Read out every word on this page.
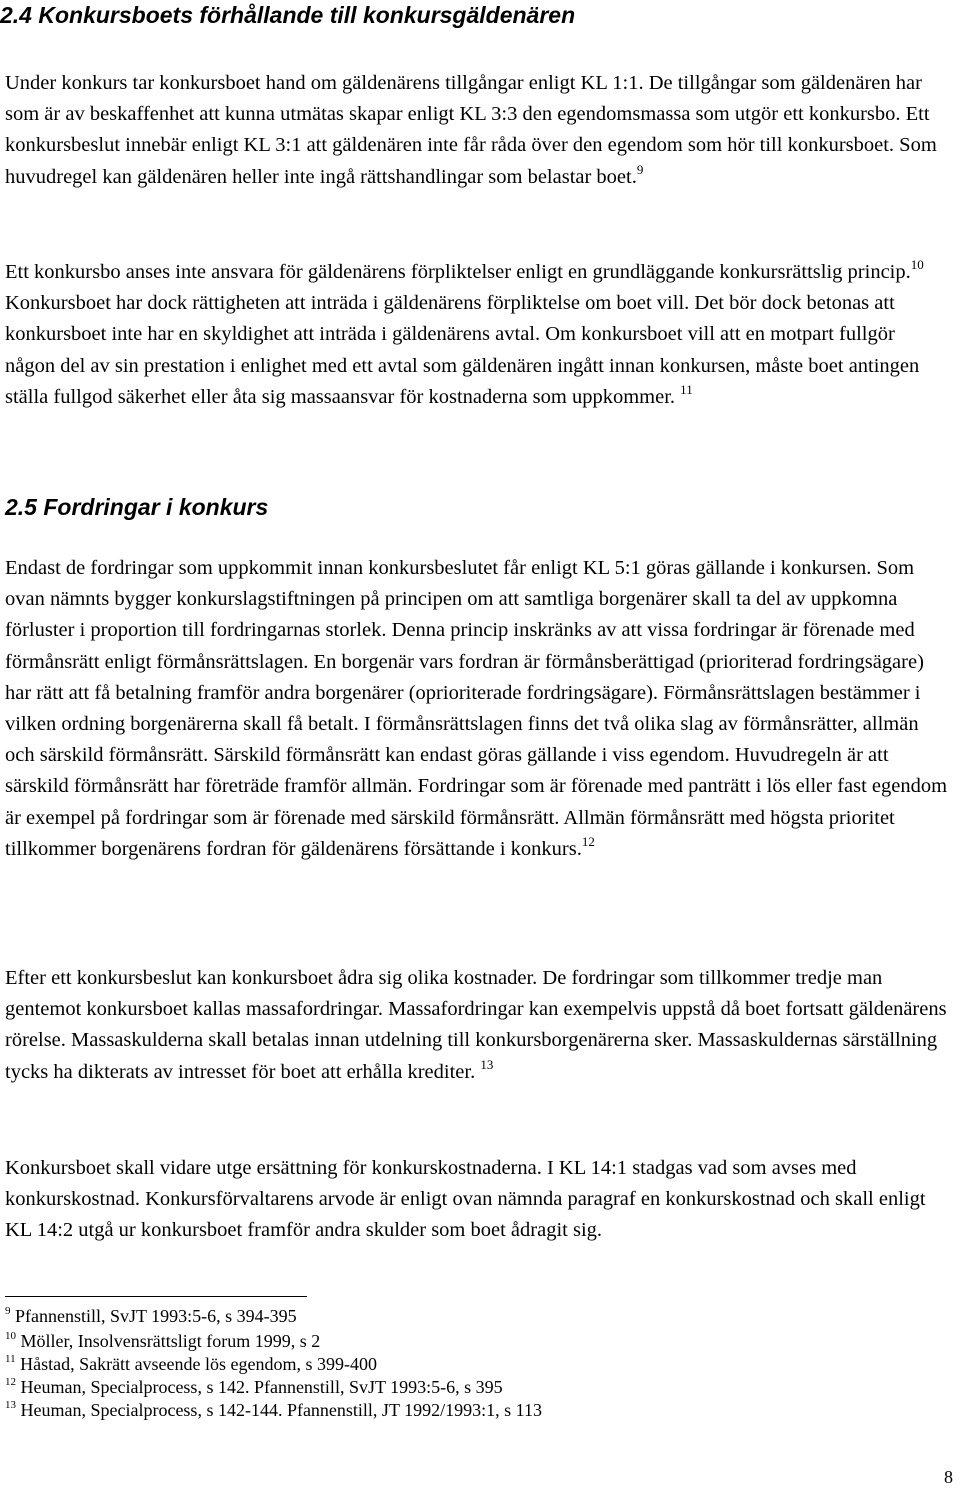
2.4 Konkursboets förhållande till konkursgäldenären

Under konkurs tar konkursboet hand om gäldenärens tillgångar enligt KL 1:1. De tillgångar som gäldenären har som är av beskaffenhet att kunna utmätas skapar enligt KL 3:3 den egendomsmassa som utgör ett konkursbo. Ett konkursbeslut innebär enligt KL 3:1 att gäldenären inte får råda över den egendom som hör till konkursboet. Som huvudregel kan gäldenären heller inte ingå rättshandlingar som belastar boet.$^9$

Ett konkursbo anses inte ansvara för gäldenärens förpliktelser enligt en grundläggande konkursrättslig princip.$^{10}$ Konkursboet har dock rättigheten att inträda i gäldenärens förpliktelse om boet vill. Det bör dock betonas att konkursboet inte har en skyldighet att inträda i gäldenärens avtal. Om konkursboet vill att en motpart fullgör någon del av sin prestation i enlighet med ett avtal som gäldenären ingått innan konkursen, måste boet antingen ställa fullgod säkerhet eller åta sig massaansvar för kostnaderna som uppkommer. $^{11}$

2.5 Fordringar i konkurs

Endast de fordringar som uppkommit innan konkursbeslutet får enligt KL 5:1 göras gällande i konkursen. Som ovan nämnts bygger konkurslagstiftningen på principen om att samtliga borgenärer skall ta del av uppkomna förluster i proportion till fordringarnas storlek. Denna princip inskränks av att vissa fordringar är förenade med förmånsrätt enligt förmånsrättslagen. En borgenär vars fordran är förmånsberättigad (prioriterad fordringsägare) har rätt att få betalning framför andra borgenärer (oprioriterade fordringsägare). Förmånsrättslagen bestämmer i vilken ordning borgenärerna skall få betalt. I förmånsrättslagen finns det två olika slag av förmånsrätter, allmän och särskild förmånsrätt. Särskild förmånsrätt kan endast göras gällande i viss egendom. Huvudregeln är att särskild förmånsrätt har företräde framför allmän. Fordringar som är förenade med panträtt i lös eller fast egendom är exempel på fordringar som är förenade med särskild förmånsrätt. Allmän förmånsrätt med högsta prioritet tillkommer borgenärens fordran för gäldenärens försättande i konkurs.$^{12}$

Efter ett konkursbeslut kan konkursboet ådra sig olika kostnader. De fordringar som tillkommer tredje man gentemot konkursboet kallas massafordringar. Massafordringar kan exempelvis uppstå då boet fortsatt gäldenärens rörelse. Massaskulderna skall betalas innan utdelning till konkursborgenärerna sker. Massaskuldernas särställning tycks ha dikterats av intresset för boet att erhålla krediter. $^{13}$

Konkursboet skall vidare utge ersättning för konkurskostnaderna. I KL 14:1 stadgas vad som avses med konkurskostnad. Konkursförvaltarens arvode är enligt ovan nämnda paragraf en konkurskostnad och skall enligt KL 14:2 utgå ur konkursboet framför andra skulder som boet ådragit sig.

$^9$ Pfannenstill, SvJT 1993:5-6, s 394-395

$^{10}$ Möller, Insolvensrättsligt forum 1999, s 2

$^{11}$ Håstad, Sakrätt avseende lös egendom, s 399-400

$^{12}$ Heuman, Specialprocess, s 142. Pfannenstill, SvJT 1993:5-6, s 395

$^{13}$ Heuman, Specialprocess, s 142-144. Pfannenstill, JT 1992/1993:1, s 113

8
